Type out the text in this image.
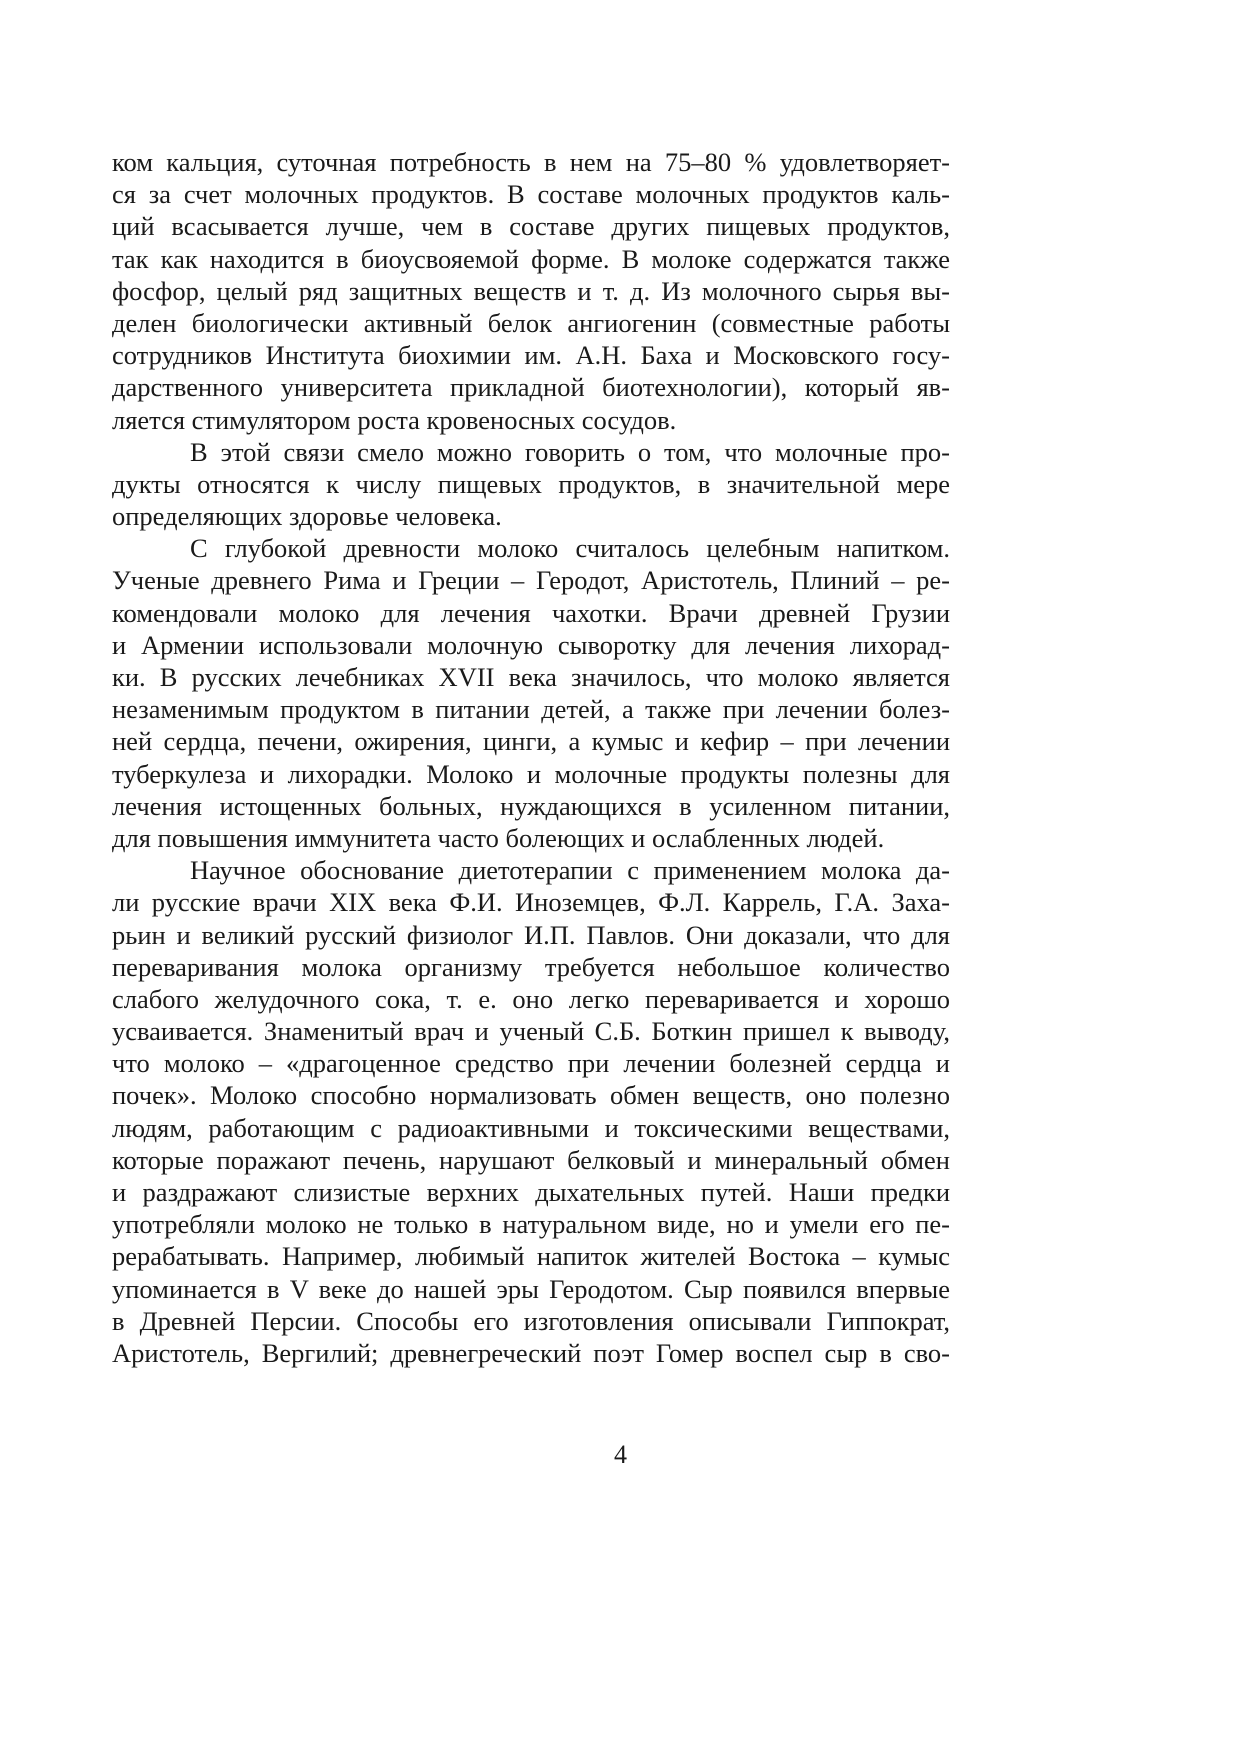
ком кальция, суточная потребность в нем на 75–80 % удовлетворяет-
ся за счет молочных продуктов. В составе молочных продуктов каль-
ций всасывается лучше, чем в составе других пищевых продуктов,
так как находится в биоусвояемой форме. В молоке содержатся также
фосфор, целый ряд защитных веществ и т. д. Из молочного сырья вы-
делен биологически активный белок ангиогенин (совместные работы
сотрудников Института биохимии им. А.Н. Баха и Московского госу-
дарственного университета прикладной биотехнологии), который яв-
ляется стимулятором роста кровеносных сосудов.
В этой связи смело можно говорить о том, что молочные про-
дукты относятся к числу пищевых продуктов, в значительной мере
определяющих здоровье человека.
С глубокой древности молоко считалось целебным напитком.
Ученые древнего Рима и Греции – Геродот, Аристотель, Плиний – ре-
комендовали молоко для лечения чахотки. Врачи древней Грузии
и Армении использовали молочную сыворотку для лечения лихорад-
ки. В русских лечебниках XVII века значилось, что молоко является
незаменимым продуктом в питании детей, а также при лечении болез-
ней сердца, печени, ожирения, цинги, а кумыс и кефир – при лечении
туберкулеза и лихорадки. Молоко и молочные продукты полезны для
лечения истощенных больных, нуждающихся в усиленном питании,
для повышения иммунитета часто болеющих и ослабленных людей.
Научное обоснование диетотерапии с применением молока да-
ли русские врачи XIX века Ф.И. Иноземцев, Ф.Л. Каррель, Г.А. Заха-
рьин и великий русский физиолог И.П. Павлов. Они доказали, что для
переваривания молока организму требуется небольшое количество
слабого желудочного сока, т. е. оно легко переваривается и хорошо
усваивается. Знаменитый врач и ученый С.Б. Боткин пришел к выводу,
что молоко – «драгоценное средство при лечении болезней сердца и
почек». Молоко способно нормализовать обмен веществ, оно полезно
людям, работающим с радиоактивными и токсическими веществами,
которые поражают печень, нарушают белковый и минеральный обмен
и раздражают слизистые верхних дыхательных путей. Наши предки
употребляли молоко не только в натуральном виде, но и умели его пе-
рерабатывать. Например, любимый напиток жителей Востока – кумыс
упоминается в V веке до нашей эры Геродотом. Сыр появился впервые
в Древней Персии. Способы его изготовления описывали Гиппократ,
Аристотель, Вергилий; древнегреческий поэт Гомер воспел сыр в сво-
4
